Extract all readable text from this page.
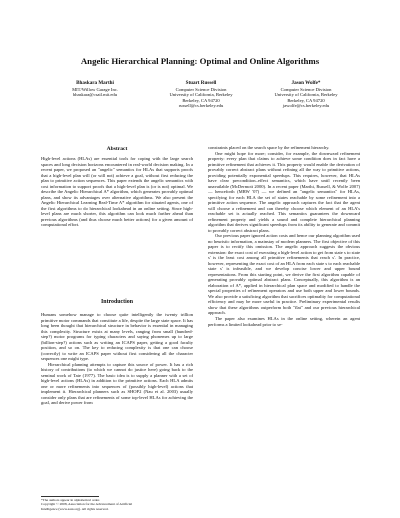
Angelic Hierarchical Planning: Optimal and Online Algorithms
Bhaskara Marthi
MIT/Willow Garage Inc.
bhaskara@csail.mit.edu
Stuart Russell
Computer Science Division
University of California, Berkeley
Berkeley, CA 94720
russell@cs.berkeley.edu
Jason Wolfe*
Computer Science Division
University of California, Berkeley
Berkeley, CA 94720
jawolfe@cs.berkeley.edu
Abstract

High-level actions (HLAs) are essential tools for coping with the large search spaces and long decision horizons encountered in real-world decision making. In a recent paper, we proposed an "angelic" semantics for HLAs that supports proofs that a high-level plan will (or will not) achieve a goal, without first reducing the plan to primitive action sequences. This paper extends the angelic semantics with cost information to support proofs that a high-level plan is (or is not) optimal. We describe the Angelic Hierarchical A* algorithm, which generates provably optimal plans, and show its advantages over alternative algorithms. We also present the Angelic Hierarchical Learning Real-Time A* algorithm for situated agents, one of the first algorithms to do hierarchical lookahead in an online setting. Since high-level plans are much shorter, this algorithm can look much farther ahead than previous algorithms (and thus choose much better actions) for a given amount of computational effort.

Introduction

Humans somehow manage to choose quite intelligently the twenty trillion primitive motor commands that constitute a life, despite the large state space. It has long been thought that hierarchical structure in behavior is essential in managing this complexity. Structure exists at many levels, ranging from small (hundred-step?) motor programs for typing characters and saying phonemes up to large (billion-step?) actions such as writing an ICAPS paper, getting a good faculty position, and so on. The key to reducing complexity is that one can choose (correctly) to write an ICAPS paper without first considering all the character sequences one might type.

Hierarchical planning attempts to capture this source of power. It has a rich history of contributions (to which we cannot do justice here) going back to the seminal work of Tate (1977). The basic idea is to supply a planner with a set of high-level actions (HLAs) in addition to the primitive actions. Each HLA admits one or more refinements into sequences of (possibly high-level) actions that implement it. Hierarchical planners such as SHOP2 (Nau et al. 2003) usually consider only plans that are refinements of some top-level HLAs for achieving the goal, and derive power from

constraints placed on the search space by the refinement hierarchy.

One might hope for more; consider, for example, the downward refinement property: every plan that claims to achieve some condition does in fact have a primitive refinement that achieves it. This property would enable the derivation of provably correct abstract plans without refining all the way to primitive actions, providing potentially exponential speedups. This requires, however, that HLAs have clear precondition–effect semantics, which have until recently been unavailable (McDermott 2000). In a recent paper (Marthi, Russell, & Wolfe 2007) — henceforth (MRW '07) — we defined an "angelic semantics" for HLAs, specifying for each HLA the set of states reachable by some refinement into a primitive action sequence. The angelic approach captures the fact that the agent will choose a refinement and can thereby choose which element of an HLA's reachable set is actually reached. This semantics guarantees the downward refinement property and yields a sound and complete hierarchical planning algorithm that derives significant speedups from its ability to generate and commit to provably correct abstract plans.

Our previous paper ignored action costs and hence our planning algorithm used no heuristic information, a mainstay of modern planners. The first objective of this paper is to rectify this omission. The angelic approach suggests the obvious extension: the exact cost of executing a high-level action to get from state s to state s' is the least cost among all primitive refinements that reach s'. In practice, however, representing the exact cost of an HLA from each state s to each reachable state s' is infeasible, and we develop concise lower and upper bound representations. From this starting point, we derive the first algorithm capable of generating provably optimal abstract plans. Conceptually, this algorithm is an elaboration of A*, applied in hierarchical plan space and modified to handle the special properties of refinement operators and use both upper and lower bounds. We also provide a satisficing algorithm that sacrifices optimality for computational efficiency and may be more useful in practice. Preliminary experimental results show that these algorithms outperform both "flat" and our previous hierarchical approach.

The paper also examines HLAs in the online setting, wherein an agent performs a limited lookahead prior to se-

*The authors appear in alphabetical order.
Copyright © 2008, Association for the Advancement of Artificial
Intelligence (www.aaai.org). All rights reserved.
